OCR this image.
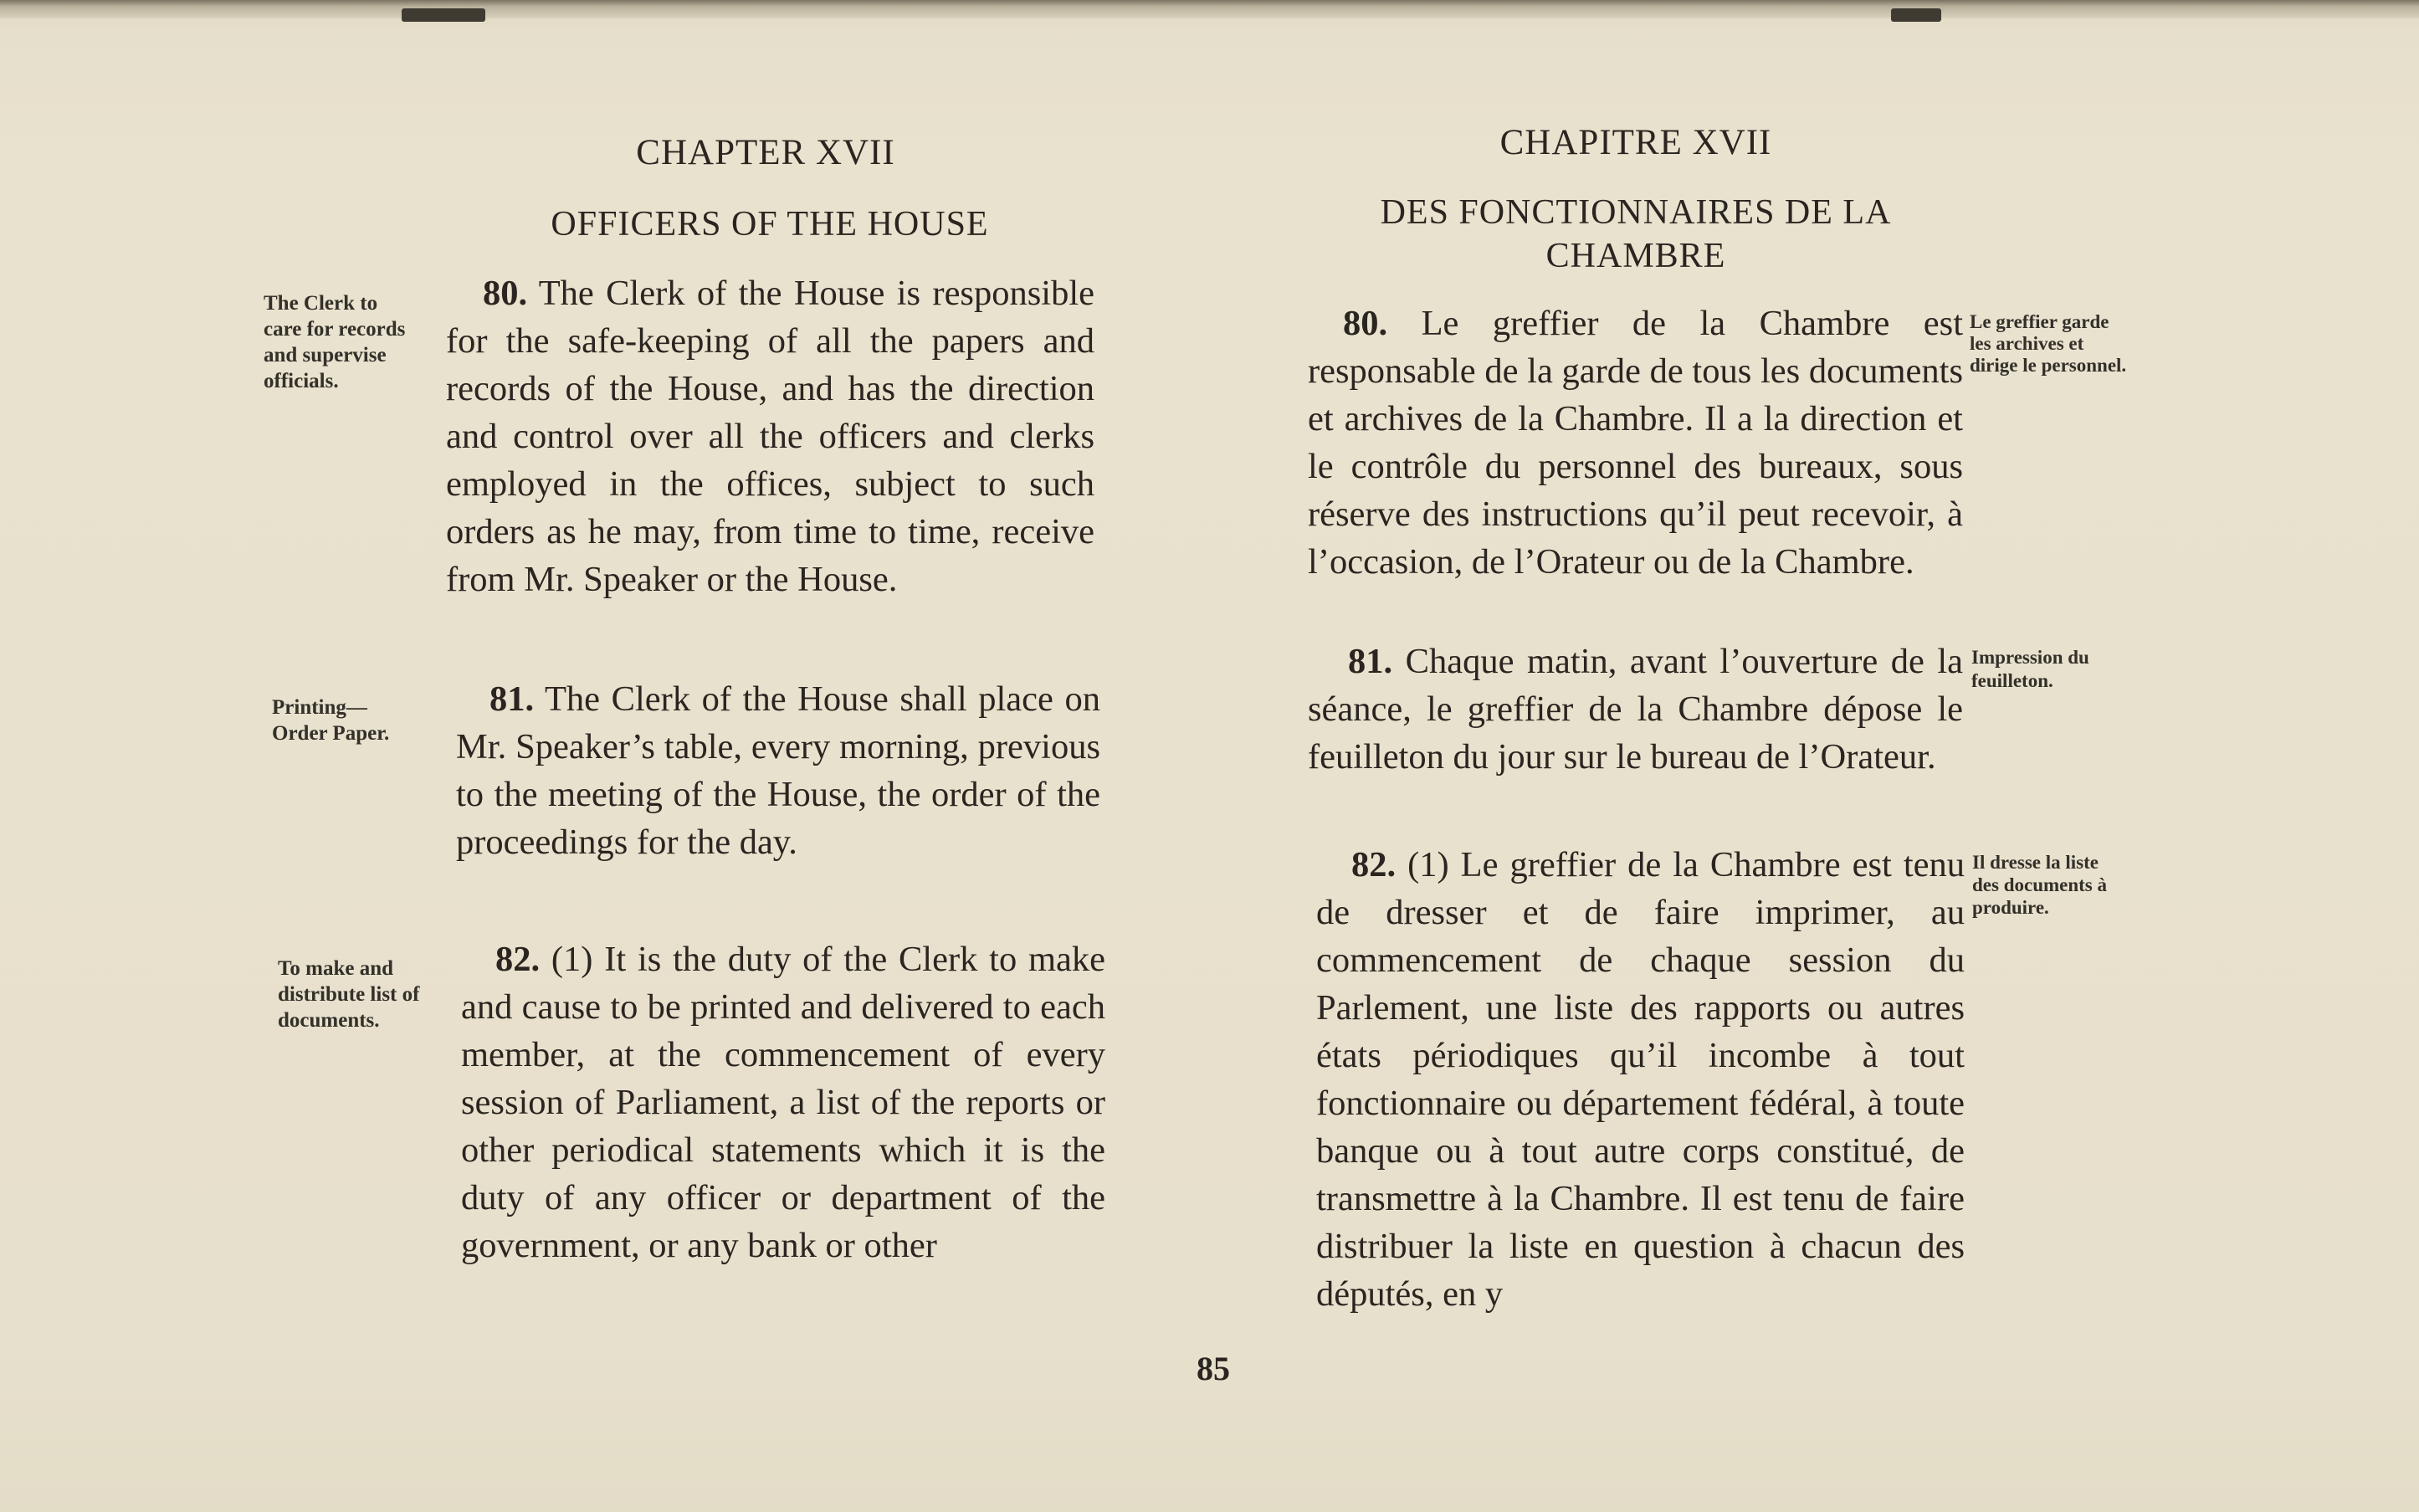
CHAPTER XVII
OFFICERS OF THE HOUSE
The Clerk to care for records and supervise officials.

80. The Clerk of the House is responsible for the safe-keeping of all the papers and records of the House, and has the direction and control over all the officers and clerks employed in the offices, subject to such orders as he may, from time to time, receive from Mr. Speaker or the House.

Printing— Order Paper.

81. The Clerk of the House shall place on Mr. Speaker’s table, every morning, previous to the meeting of the House, the order of the proceedings for the day.

To make and distribute list of documents.

82. (1) It is the duty of the Clerk to make and cause to be printed and delivered to each member, at the commencement of every session of Parliament, a list of the reports or other periodical statements which it is the duty of any officer or department of the government, or any bank or other

CHAPITRE XVII
DES FONCTIONNAIRES DE LA CHAMBRE

80. Le greffier de la Chambre est responsable de la garde de tous les documents et archives de la Chambre. Il a la direction et le contrôle du personnel des bureaux, sous réserve des instructions qu’il peut recevoir, à l’occasion, de l’Orateur ou de la Chambre.

Le greffier garde les archives et dirige le personnel.

81. Chaque matin, avant l’ouverture de la séance, le greffier de la Chambre dépose le feuilleton du jour sur le bureau de l’Orateur.

Impression du feuilleton.

82. (1) Le greffier de la Chambre est tenu de dresser et de faire imprimer, au commencement de chaque session du Parlement, une liste des rapports ou autres états périodiques qu’il incombe à tout fonctionnaire ou département fédéral, à toute banque ou à tout autre corps constitué, de transmettre à la Chambre. Il est tenu de faire distribuer la liste en question à chacun des députés, en y

Il dresse la liste des documents à produire.
85
